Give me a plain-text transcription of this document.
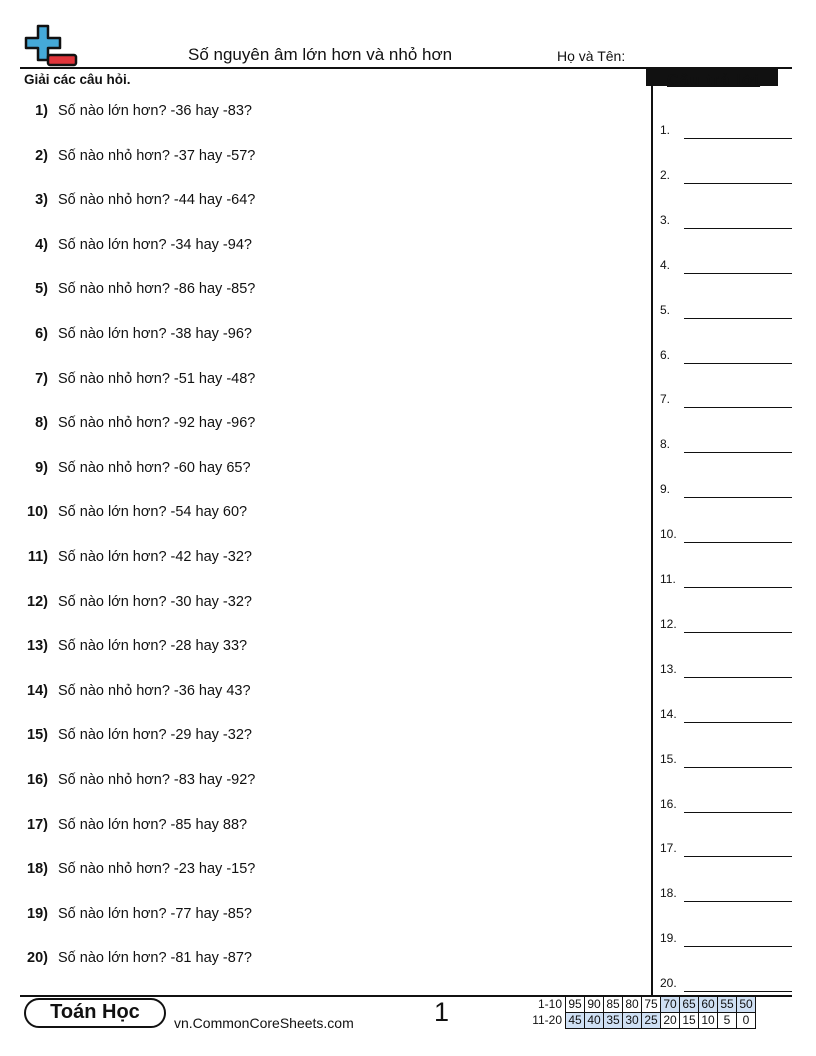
Số nguyên âm lớn hơn và nhỏ hơn	Họ và Tên:
Giải các câu hỏi.	Câu trả lời
1) Số nào lớn hơn? -36 hay -83?
2) Số nào nhỏ hơn? -37 hay -57?
3) Số nào nhỏ hơn? -44 hay -64?
4) Số nào lớn hơn? -34 hay -94?
5) Số nào nhỏ hơn? -86 hay -85?
6) Số nào lớn hơn? -38 hay -96?
7) Số nào nhỏ hơn? -51 hay -48?
8) Số nào nhỏ hơn? -92 hay -96?
9) Số nào nhỏ hơn? -60 hay 65?
10) Số nào lớn hơn? -54 hay 60?
11) Số nào lớn hơn? -42 hay -32?
12) Số nào lớn hơn? -30 hay -32?
13) Số nào lớn hơn? -28 hay 33?
14) Số nào nhỏ hơn? -36 hay 43?
15) Số nào lớn hơn? -29 hay -32?
16) Số nào nhỏ hơn? -83 hay -92?
17) Số nào lớn hơn? -85 hay 88?
18) Số nào nhỏ hơn? -23 hay -15?
19) Số nào lớn hơn? -77 hay -85?
20) Số nào lớn hơn? -81 hay -87?
1.
2.
3.
4.
5.
6.
7.
8.
9.
10.
11.
12.
13.
14.
15.
16.
17.
18.
19.
20.
Toán Học	vn.CommonCoreSheets.com	1	1-10	95	90	85	80	75	70	65	60	55	50
11-20	45	40	35	30	25	20	15	10	5	0
